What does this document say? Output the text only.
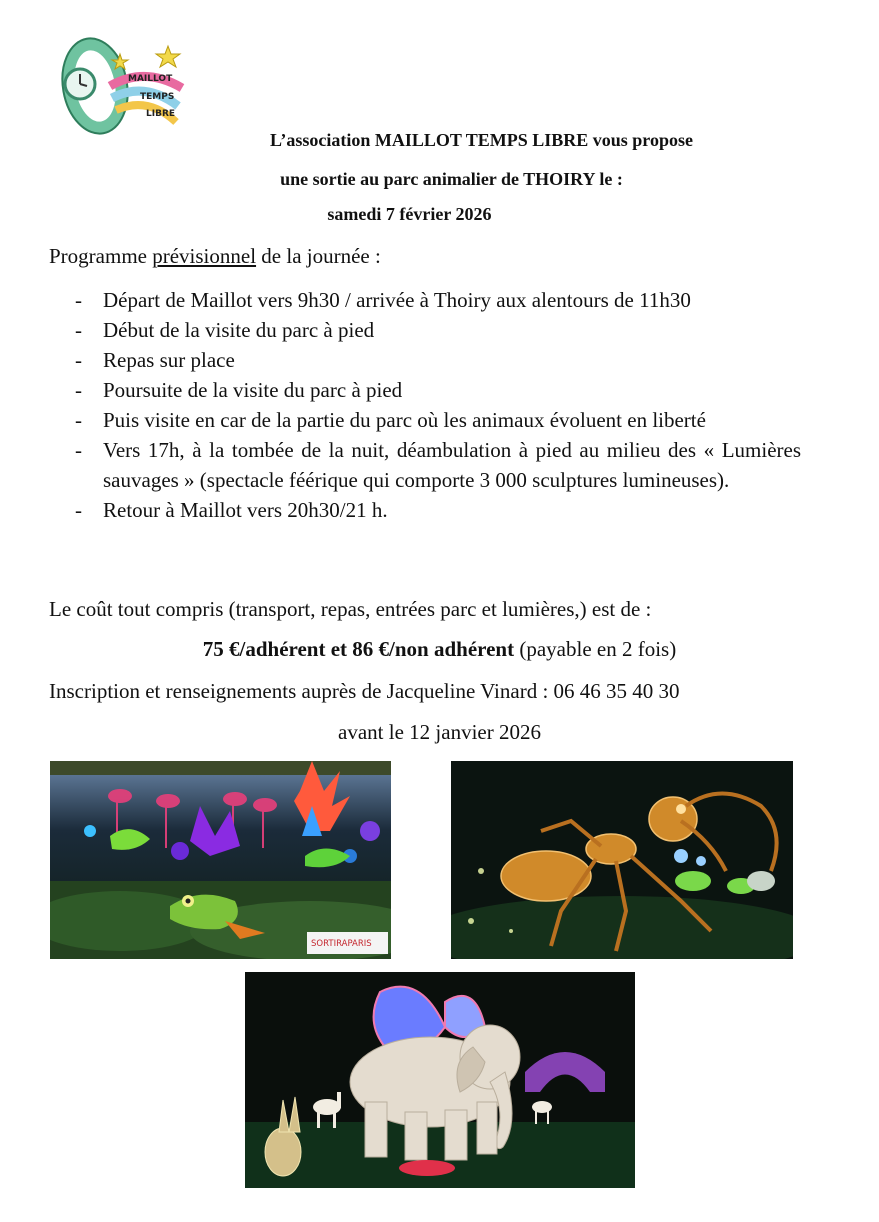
MAILLOT
TEMPS
LIBRE
L’association MAILLOT TEMPS LIBRE vous propose
une sortie au parc animalier de THOIRY le :
samedi 7 février 2026
Programme prévisionnel de la journée :
- Départ de Maillot vers 9h30 / arrivée à Thoiry aux alentours de 11h30
- Début de la visite du parc à pied
- Repas sur place
- Poursuite de la visite du parc à pied
- Puis visite en car de la partie du parc où les animaux évoluent en liberté
- Vers 17h, à la tombée de la nuit, déambulation à pied au milieu des « Lumières sauvages » (spectacle féérique qui comporte 3 000 sculptures lumineuses).
- Retour à Maillot vers 20h30/21 h.
Le coût tout compris (transport, repas, entrées parc et lumières,) est de :
75 €/adhérent et 86 €/non adhérent (payable en 2 fois)
Inscription et renseignements auprès de Jacqueline Vinard : 06 46 35 40 30
avant le 12 janvier 2026
SORTIRAPARIS
